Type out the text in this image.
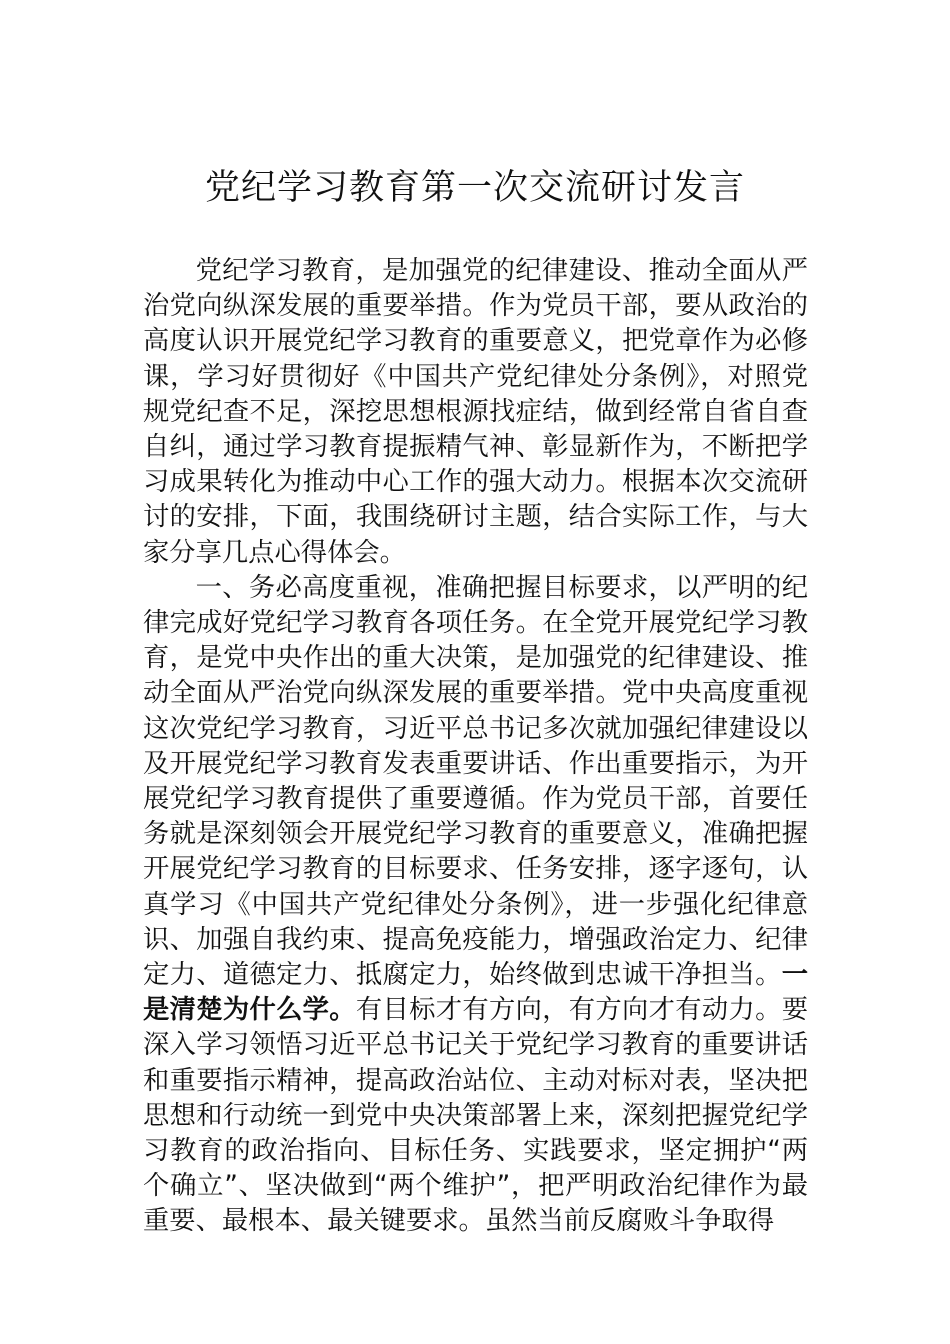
党纪学习教育第一次交流研讨发言

党纪学习教育，是加强党的纪律建设、推动全面从严治党向纵深发展的重要举措。作为党员干部，要从政治的高度认识开展党纪学习教育的重要意义，把党章作为必修课，学习好贯彻好《中国共产党纪律处分条例》，对照党规党纪查不足，深挖思想根源找症结，做到经常自省自查自纠，通过学习教育提振精气神、彰显新作为，不断把学习成果转化为推动中心工作的强大动力。根据本次交流研讨的安排，下面，我围绕研讨主题，结合实际工作，与大家分享几点心得体会。

一、务必高度重视，准确把握目标要求，以严明的纪律完成好党纪学习教育各项任务。在全党开展党纪学习教育，是党中央作出的重大决策，是加强党的纪律建设、推动全面从严治党向纵深发展的重要举措。党中央高度重视这次党纪学习教育，习近平总书记多次就加强纪律建设以及开展党纪学习教育发表重要讲话、作出重要指示，为开展党纪学习教育提供了重要遵循。作为党员干部，首要任务就是深刻领会开展党纪学习教育的重要意义，准确把握开展党纪学习教育的目标要求、任务安排，逐字逐句，认真学习《中国共产党纪律处分条例》，进一步强化纪律意识、加强自我约束、提高免疫能力，增强政治定力、纪律定力、道德定力、抵腐定力，始终做到忠诚干净担当。一是清楚为什么学。有目标才有方向，有方向才有动力。要深入学习领悟习近平总书记关于党纪学习教育的重要讲话和重要指示精神，提高政治站位、主动对标对表，坚决把思想和行动统一到党中央决策部署上来，深刻把握党纪学习教育的政治指向、目标任务、实践要求，坚定拥护“两个确立”、坚决做到“两个维护”，把严明政治纪律作为最重要、最根本、最关键要求。虽然当前反腐败斗争取得
